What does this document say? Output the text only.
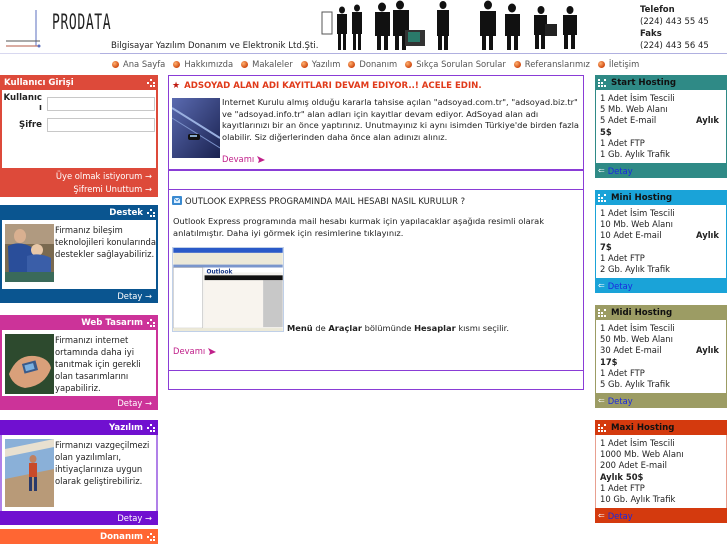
PRODATA
Bilgisayar Yazılım Donanım ve Elektronik Ltd.Şti.
Telefon
(224) 443 55 45
Faks
(224) 443 56 45
Ana Sayfa Hakkımızda Makaleler Yazılım Donanım Sıkça Sorulan Sorular Referanslarımız İletişim
Kullanıcı Girişi
Kullanıc
ı
Şifre
Üye olmak istiyorum →
Şifremi Unuttum →
Destek
Firmanız bileşim teknolojileri konularında destekler sağlayabiliriz.
Detay →
Web Tasarım
Firmanızı internet ortamında daha iyi tanıtmak için gerekli olan tasarımlarını yapabiliriz.
Detay →
Yazılım
Firmanızı vazgeçilmezi olan yazılımları, ihtiyaçlarınıza uygun olarak geliştirebiliriz.
Detay →
Donanım
★ ADSOYAD ALAN ADI KAYITLARI DEVAM EDIYOR..! ACELE EDIN.
Internet Kurulu almış olduğu kararla tahsise açılan "adsoyad.com.tr", "adsoyad.biz.tr" ve "adsoyad.info.tr" alan adları için kayıtlar devam ediyor. AdSoyad alan adı kayıtlarınızı bir an önce yaptırınız. Unutmayınız ki aynı isimden Türkiye'de birden fazla olabilir. Siz diğerlerinden daha önce alan adınızı alınız.
Devamı
OUTLOOK EXPRESS PROGRAMINDA MAIL HESABI NASIL KURULUR ?
Outlook Express programında mail hesabı kurmak için yapılacaklar aşağıda resimli olarak anlatılmıştır. Daha iyi görmek için resimlerine tıklayınız.
Outlook
Menü de Araçlar bölümünde Hesaplar kısmı seçilir.
Devamı
Start Hosting
1 Adet İsim Tescili
5 Mb. Web Alanı
5 Adet E-mail	Aylık
5$
1 Adet FTP
1 Gb. Aylık Trafik
⇐ Detay
Mini Hosting
1 Adet İsim Tescili
10 Mb. Web Alanı
10 Adet E-mail	Aylık
7$
1 Adet FTP
2 Gb. Aylık Trafik
⇐ Detay
Midi Hosting
1 Adet İsim Tescili
50 Mb. Web Alanı
30 Adet E-mail	Aylık
17$
1 Adet FTP
5 Gb. Aylık Trafik
⇐ Detay
Maxi Hosting
1 Adet İsim Tescili
1000 Mb. Web Alanı
200 Adet E-mail
Aylık 50$
1 Adet FTP
10 Gb. Aylık Trafik
⇐ Detay
